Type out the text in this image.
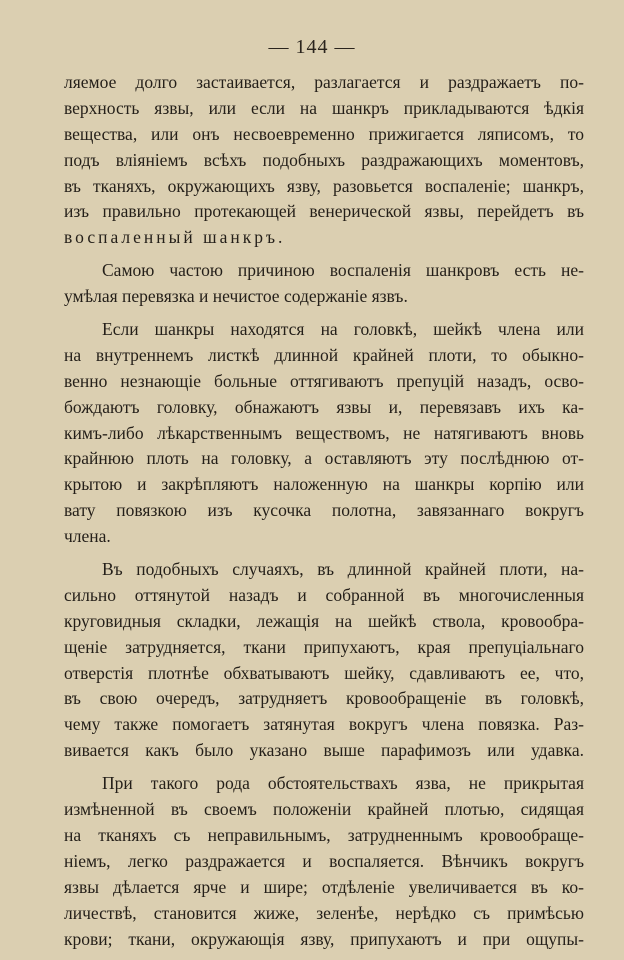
— 144 —
ляемое долго застаивается, разлагается и раздражаетъ по-
верхность язвы, или если на шанкръ прикладываются ѣдкія
вещества, или онъ несвоевременно прижигается ляписомъ, то
подъ вліяніемъ всѣхъ подобныхъ раздражающихъ моментовъ,
въ тканяхъ, окружающихъ язву, разовьется воспаленіе; шанкръ,
изъ правильно протекающей венерической язвы, перейдетъ въ
воспаленный шанкръ.
Самою частою причиною воспаленія шанкровъ есть не-
умѣлая перевязка и нечистое содержаніе язвъ.
Если шанкры находятся на головкѣ, шейкѣ члена или
на внутреннемъ листкѣ длинной крайней плоти, то обыкно-
венно незнающіе больные оттягиваютъ препуцій назадъ, осво-
бождаютъ головку, обнажаютъ язвы и, перевязавъ ихъ ка-
кимъ-либо лѣкарственнымъ веществомъ, не натягиваютъ вновь
крайнюю плоть на головку, а оставляютъ эту послѣднюю от-
крытою и закрѣпляютъ наложенную на шанкры корпію или
вату повязкою изъ кусочка полотна, завязаннаго вокругъ
члена.
Въ подобныхъ случаяхъ, въ длинной крайней плоти, на-
сильно оттянутой назадъ и собранной въ многочисленныя
круговидныя складки, лежащія на шейкѣ ствола, кровообра-
щеніе затрудняется, ткани припухаютъ, края препуціальнаго
отверстія плотнѣе обхватываютъ шейку, сдавливаютъ ее, что,
въ свою очередъ, затрудняетъ кровообращеніе въ головкѣ,
чему также помогаетъ затянутая вокругъ члена повязка. Раз-
вивается какъ было указано выше парафимозъ или удавка.
При такого рода обстоятельствахъ язва, не прикрытая
измѣненной въ своемъ положеніи крайней плотью, сидящая
на тканяхъ съ неправильнымъ, затрудненнымъ кровообраще-
ніемъ, легко раздражается и воспаляется. Вѣнчикъ вокругъ
язвы дѣлается ярче и шире; отдѣленіе увеличивается въ ко-
личествѣ, становится жиже, зеленѣе, нерѣдко съ примѣсью
крови; ткани, окружающія язву, припухаютъ и при ощупы-
